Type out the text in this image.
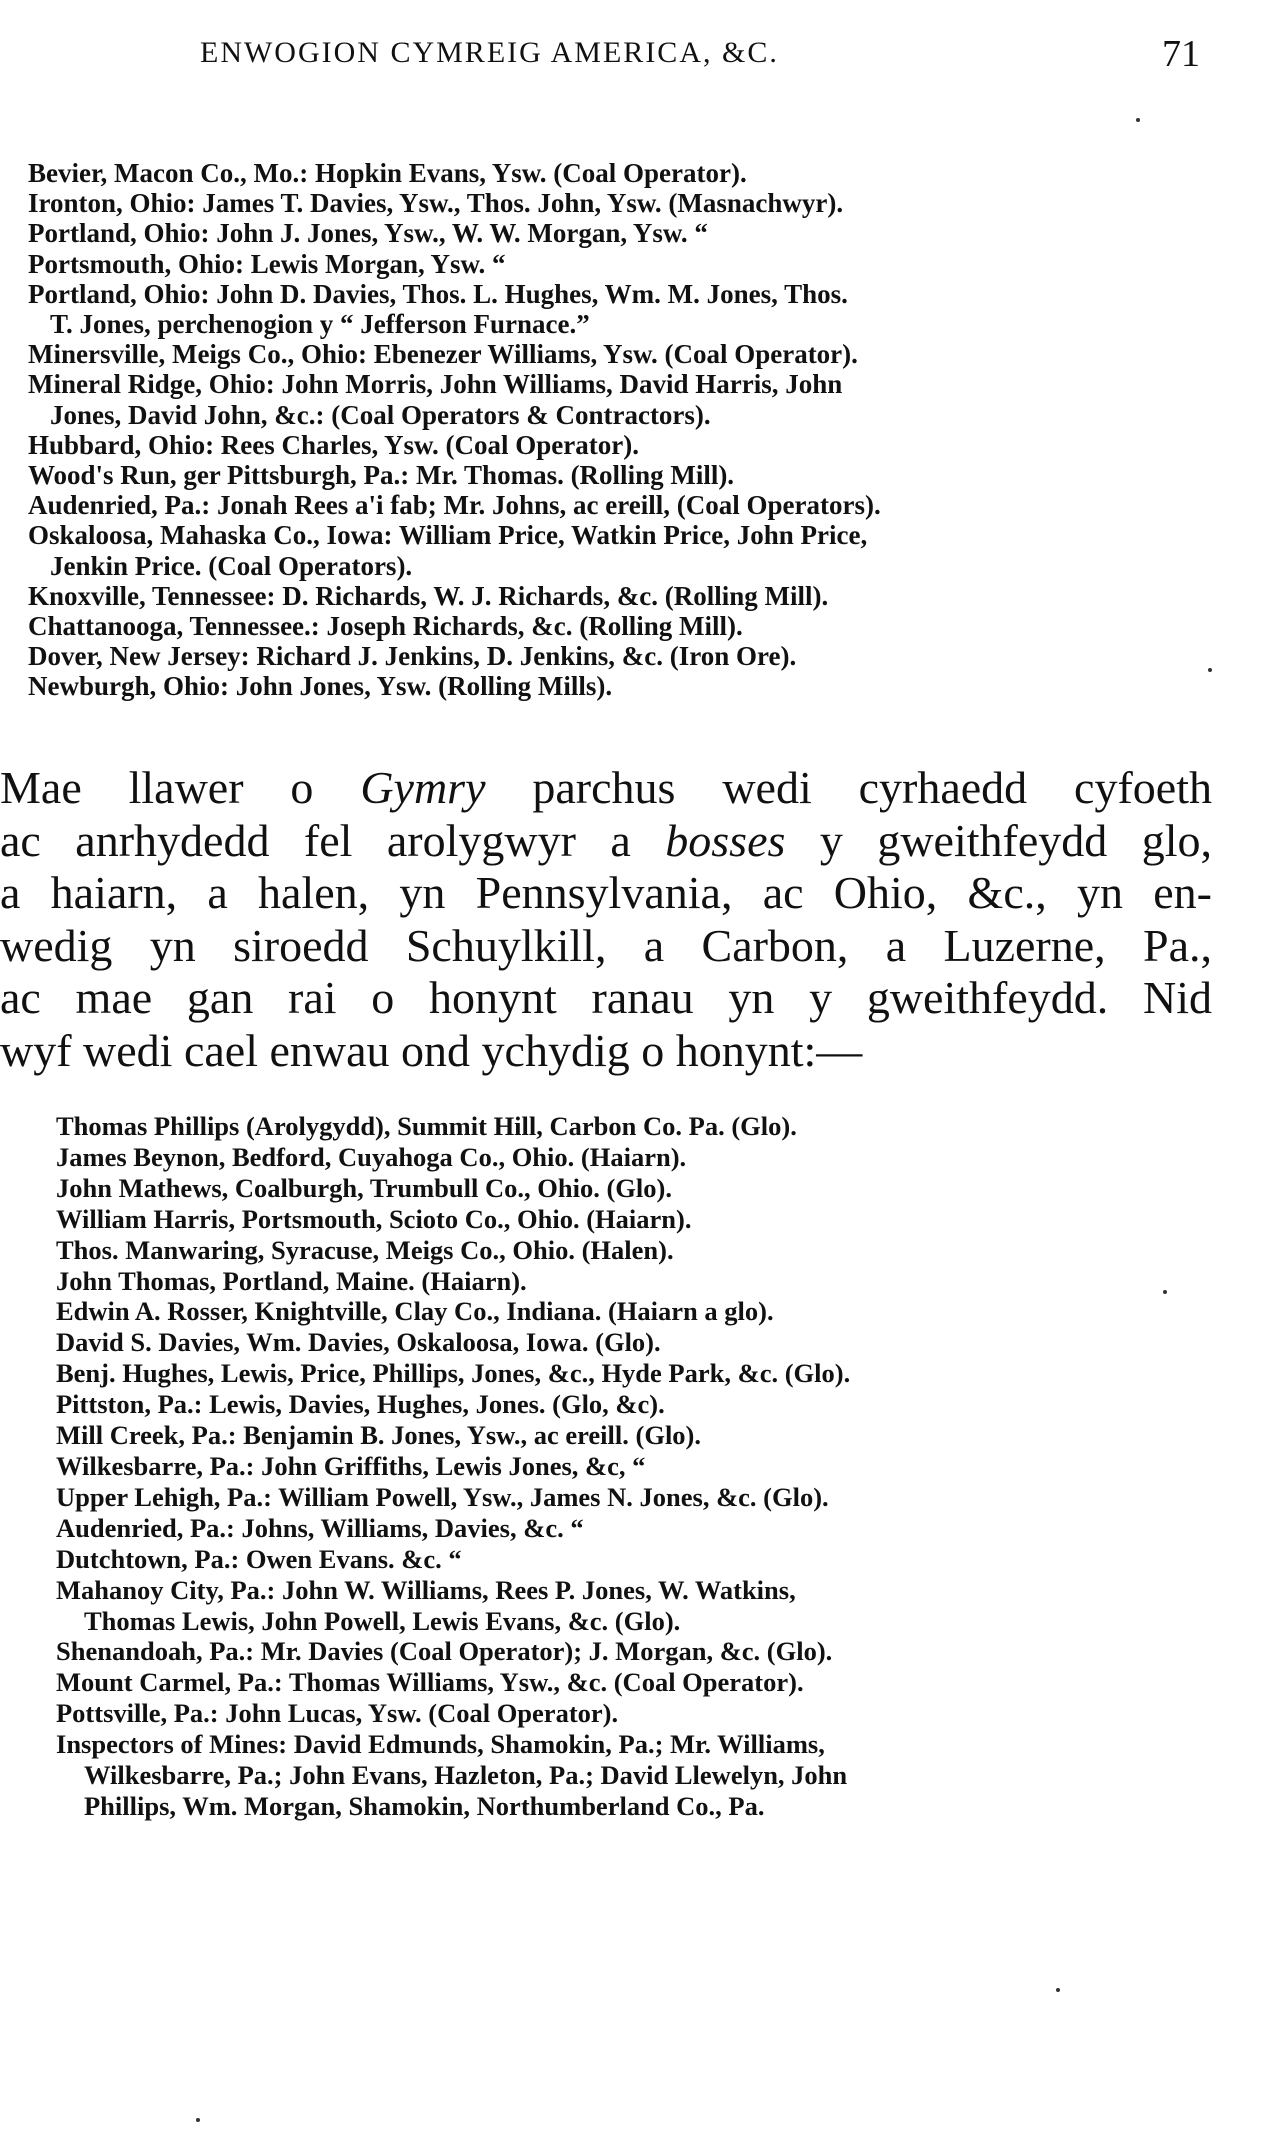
ENWOGION CYMREIG AMERICA, &C.	71
Bevier, Macon Co., Mo.: Hopkin Evans, Ysw. (Coal Operator).
Ironton, Ohio: James T. Davies, Ysw., Thos. John, Ysw. (Masnachwyr).
Portland, Ohio: John J. Jones, Ysw., W. W. Morgan, Ysw. “
Portsmouth, Ohio: Lewis Morgan, Ysw. “
Portland, Ohio: John D. Davies, Thos. L. Hughes, Wm. M. Jones, Thos.
T. Jones, perchenogion y “ Jefferson Furnace.”
Minersville, Meigs Co., Ohio: Ebenezer Williams, Ysw. (Coal Operator).
Mineral Ridge, Ohio: John Morris, John Williams, David Harris, John
Jones, David John, &c.: (Coal Operators & Contractors).
Hubbard, Ohio: Rees Charles, Ysw. (Coal Operator).
Wood's Run, ger Pittsburgh, Pa.: Mr. Thomas. (Rolling Mill).
Audenried, Pa.: Jonah Rees a'i fab; Mr. Johns, ac ereill, (Coal Operators).
Oskaloosa, Mahaska Co., Iowa: William Price, Watkin Price, John Price,
Jenkin Price. (Coal Operators).
Knoxville, Tennessee: D. Richards, W. J. Richards, &c. (Rolling Mill).
Chattanooga, Tennessee.: Joseph Richards, &c. (Rolling Mill).
Dover, New Jersey: Richard J. Jenkins, D. Jenkins, &c. (Iron Ore).
Newburgh, Ohio: John Jones, Ysw. (Rolling Mills).
Mae llawer o Gymry parchus wedi cyrhaedd cyfoeth
ac anrhydedd fel arolygwyr a bosses y gweithfeydd glo,
a haiarn, a halen, yn Pennsylvania, ac Ohio, &c., yn en-
wedig yn siroedd Schuylkill, a Carbon, a Luzerne, Pa.,
ac mae gan rai o honynt ranau yn y gweithfeydd. Nid
wyf wedi cael enwau ond ychydig o honynt:—
Thomas Phillips (Arolygydd), Summit Hill, Carbon Co. Pa. (Glo).
James Beynon, Bedford, Cuyahoga Co., Ohio. (Haiarn).
John Mathews, Coalburgh, Trumbull Co., Ohio. (Glo).
William Harris, Portsmouth, Scioto Co., Ohio. (Haiarn).
Thos. Manwaring, Syracuse, Meigs Co., Ohio. (Halen).
John Thomas, Portland, Maine. (Haiarn).
Edwin A. Rosser, Knightville, Clay Co., Indiana. (Haiarn a glo).
David S. Davies, Wm. Davies, Oskaloosa, Iowa. (Glo).
Benj. Hughes, Lewis, Price, Phillips, Jones, &c., Hyde Park, &c. (Glo).
Pittston, Pa.: Lewis, Davies, Hughes, Jones. (Glo, &c).
Mill Creek, Pa.: Benjamin B. Jones, Ysw., ac ereill. (Glo).
Wilkesbarre, Pa.: John Griffiths, Lewis Jones, &c, “
Upper Lehigh, Pa.: William Powell, Ysw., James N. Jones, &c. (Glo).
Audenried, Pa.: Johns, Williams, Davies, &c. “
Dutchtown, Pa.: Owen Evans. &c. “
Mahanoy City, Pa.: John W. Williams, Rees P. Jones, W. Watkins,
Thomas Lewis, John Powell, Lewis Evans, &c. (Glo).
Shenandoah, Pa.: Mr. Davies (Coal Operator); J. Morgan, &c. (Glo).
Mount Carmel, Pa.: Thomas Williams, Ysw., &c. (Coal Operator).
Pottsville, Pa.: John Lucas, Ysw. (Coal Operator).
Inspectors of Mines: David Edmunds, Shamokin, Pa.; Mr. Williams,
Wilkesbarre, Pa.; John Evans, Hazleton, Pa.; David Llewelyn, John
Phillips, Wm. Morgan, Shamokin, Northumberland Co., Pa.
